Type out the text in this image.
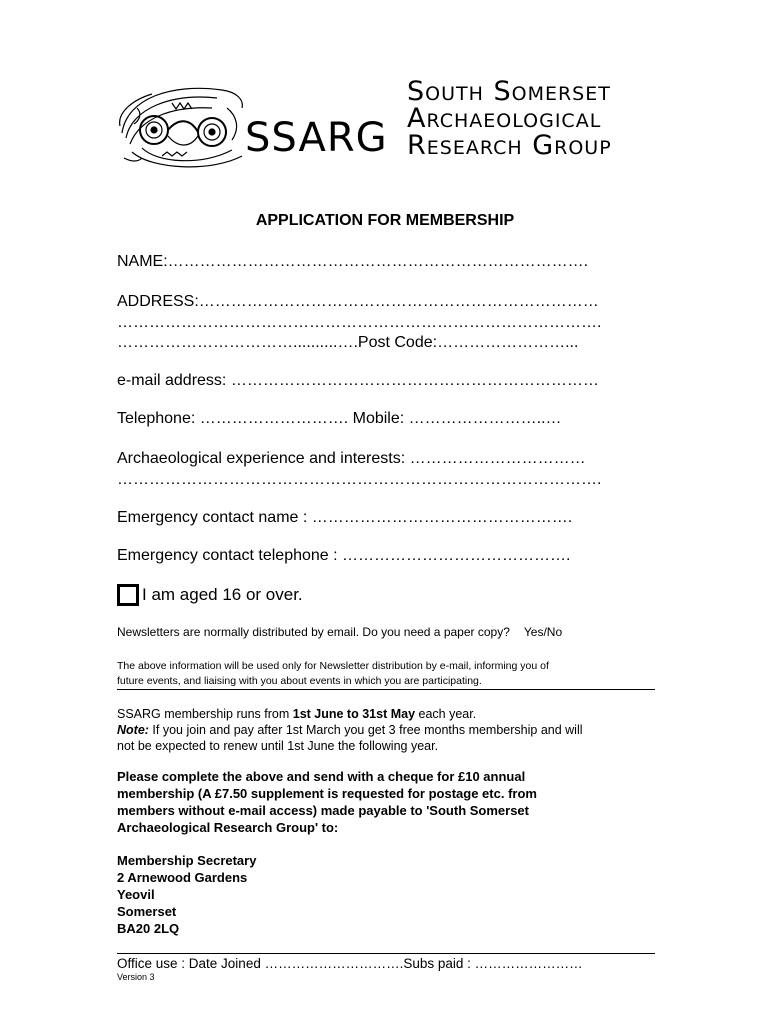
SSARG
South Somerset
Archaeological
Research Group
APPLICATION FOR MEMBERSHIP
NAME:…………………………………………………………………….
ADDRESS:…………………………………………………………………
……………………………………………………………………………….
……………………………..........….Post Code:……………………...
e-mail address: ……………………………………………………………
Telephone: ………………………. Mobile: ……………………..…
Archaeological experience and interests: ……………………………
……………………………………………………………………………….
Emergency contact name : ………………………………………….
Emergency contact telephone : …………………………………….
I am aged 16 or over.
Newsletters are normally distributed by email. Do you need a paper copy? Yes/No
The above information will be used only for Newsletter distribution by e-mail, informing you of
future events, and liaising with you about events in which you are participating.
SSARG membership runs from 1st June to 31st May each year.
Note: If you join and pay after 1st March you get 3 free months membership and will
not be expected to renew until 1st June the following year.
Please complete the above and send with a cheque for £10 annual
membership (A £7.50 supplement is requested for postage etc. from
members without e-mail access) made payable to 'South Somerset
Archaeological Research Group' to:
Membership Secretary
2 Arnewood Gardens
Yeovil
Somerset
BA20 2LQ
Office use : Date Joined ………………………….Subs paid : ……………………
Version 3
